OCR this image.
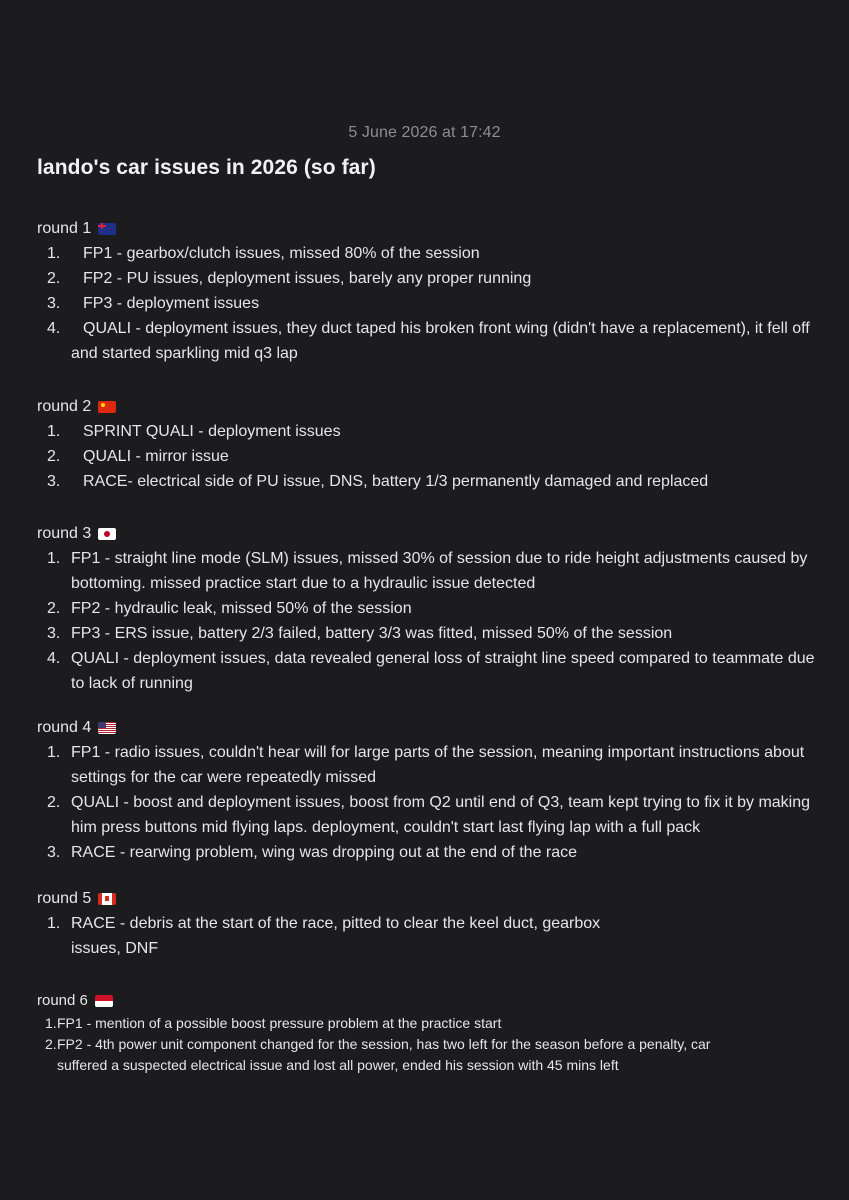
5 June 2026 at 17:42
lando's car issues in 2026 (so far)
round 1
1.	FP1 - gearbox/clutch issues, missed 80% of the session
2.	FP2 - PU issues, deployment issues, barely any proper running
3.	FP3 - deployment issues
4.	QUALI - deployment issues, they duct taped his broken front wing (didn't have a replacement), it fell off and started sparkling mid q3 lap
round 2
1.	SPRINT QUALI - deployment issues
2.	QUALI - mirror issue
3.	RACE- electrical side of PU issue, DNS, battery 1/3 permanently damaged and replaced
round 3
1. FP1 - straight line mode (SLM) issues, missed 30% of session due to ride height adjustments caused by bottoming. missed practice start due to a hydraulic issue detected
2. FP2 - hydraulic leak, missed 50% of the session
3. FP3 - ERS issue, battery 2/3 failed, battery 3/3 was fitted, missed 50% of the session
4. QUALI - deployment issues, data revealed general loss of straight line speed compared to teammate due to lack of running
round 4
1. FP1 - radio issues, couldn't hear will for large parts of the session, meaning important instructions about settings for the car were repeatedly missed
2. QUALI - boost and deployment issues, boost from Q2 until end of Q3, team kept trying to fix it by making him press buttons mid flying laps. deployment, couldn't start last flying lap with a full pack
3. RACE - rearwing problem, wing was dropping out at the end of the race
round 5
1. RACE - debris at the start of the race, pitted to clear the keel duct, gearbox issues, DNF
round 6
1. FP1 - mention of a possible boost pressure problem at the practice start
2. FP2 - 4th power unit component changed for the session, has two left for the season before a penalty, car suffered a suspected electrical issue and lost all power, ended his session with 45 mins left
